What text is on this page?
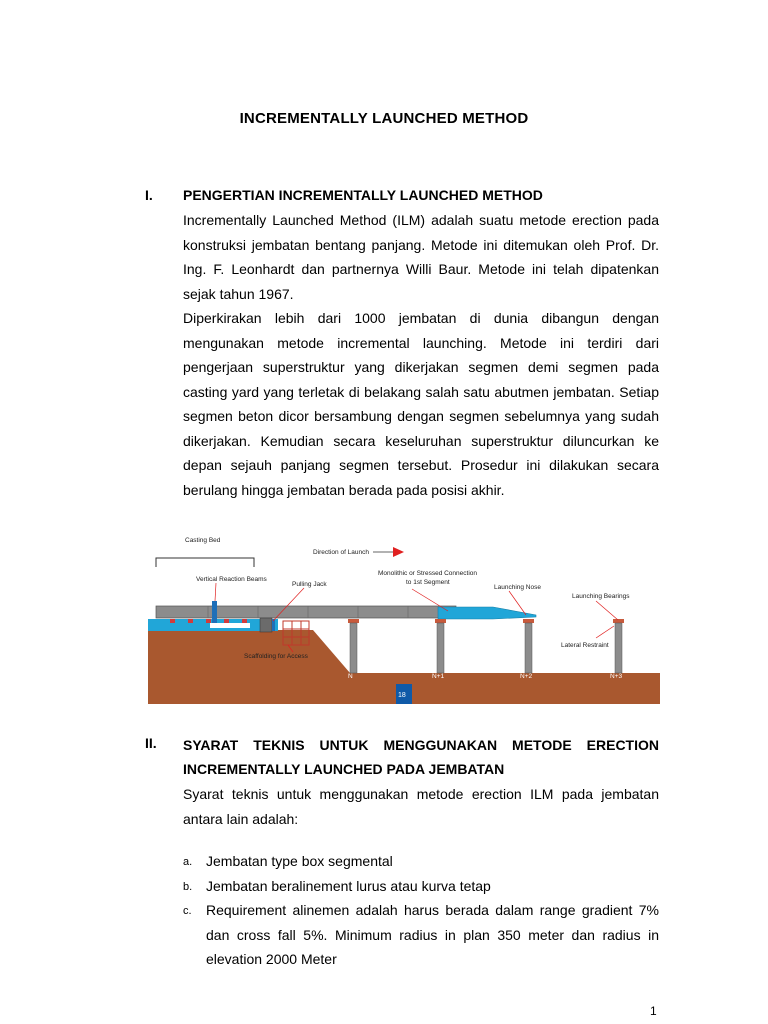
INCREMENTALLY LAUNCHED METHOD
I. PENGERTIAN INCREMENTALLY LAUNCHED METHOD

Incrementally Launched Method (ILM) adalah suatu metode erection pada konstruksi jembatan bentang panjang. Metode ini ditemukan oleh Prof. Dr. Ing. F. Leonhardt dan partnernya Willi Baur. Metode ini telah dipatenkan sejak tahun 1967.

Diperkirakan lebih dari 1000 jembatan di dunia dibangun dengan mengunakan metode incremental launching. Metode ini terdiri dari pengerjaan superstruktur yang dikerjakan segmen demi segmen pada casting yard yang terletak di belakang salah satu abutmen jembatan. Setiap segmen beton dicor bersambung dengan segmen sebelumnya yang sudah dikerjakan. Kemudian secara keseluruhan superstruktur diluncurkan ke depan sejauh panjang segmen tersebut. Prosedur ini dilakukan secara berulang hingga jembatan berada pada posisi akhir.

Casting Bed
Direction of Launch
Vertical Reaction Beams
Pulling Jack
Monolithic or Stressed Connection
to 1st Segment
Launching Nose
Launching Bearings
Lateral Restraint
Scaffolding for Access
N	N+1	N+2	N+3
18
II. SYARAT TEKNIS UNTUK MENGGUNAKAN METODE ERECTION
INCREMENTALLY LAUNCHED PADA JEMBATAN

Syarat teknis untuk menggunakan metode erection ILM pada jembatan antara lain adalah:

a. Jembatan type box segmental
b. Jembatan beralinement lurus atau kurva tetap
c. Requirement alinemen adalah harus berada dalam range gradient 7% dan cross fall 5%. Minimum radius in plan 350 meter dan radius in elevation 2000 Meter
1
